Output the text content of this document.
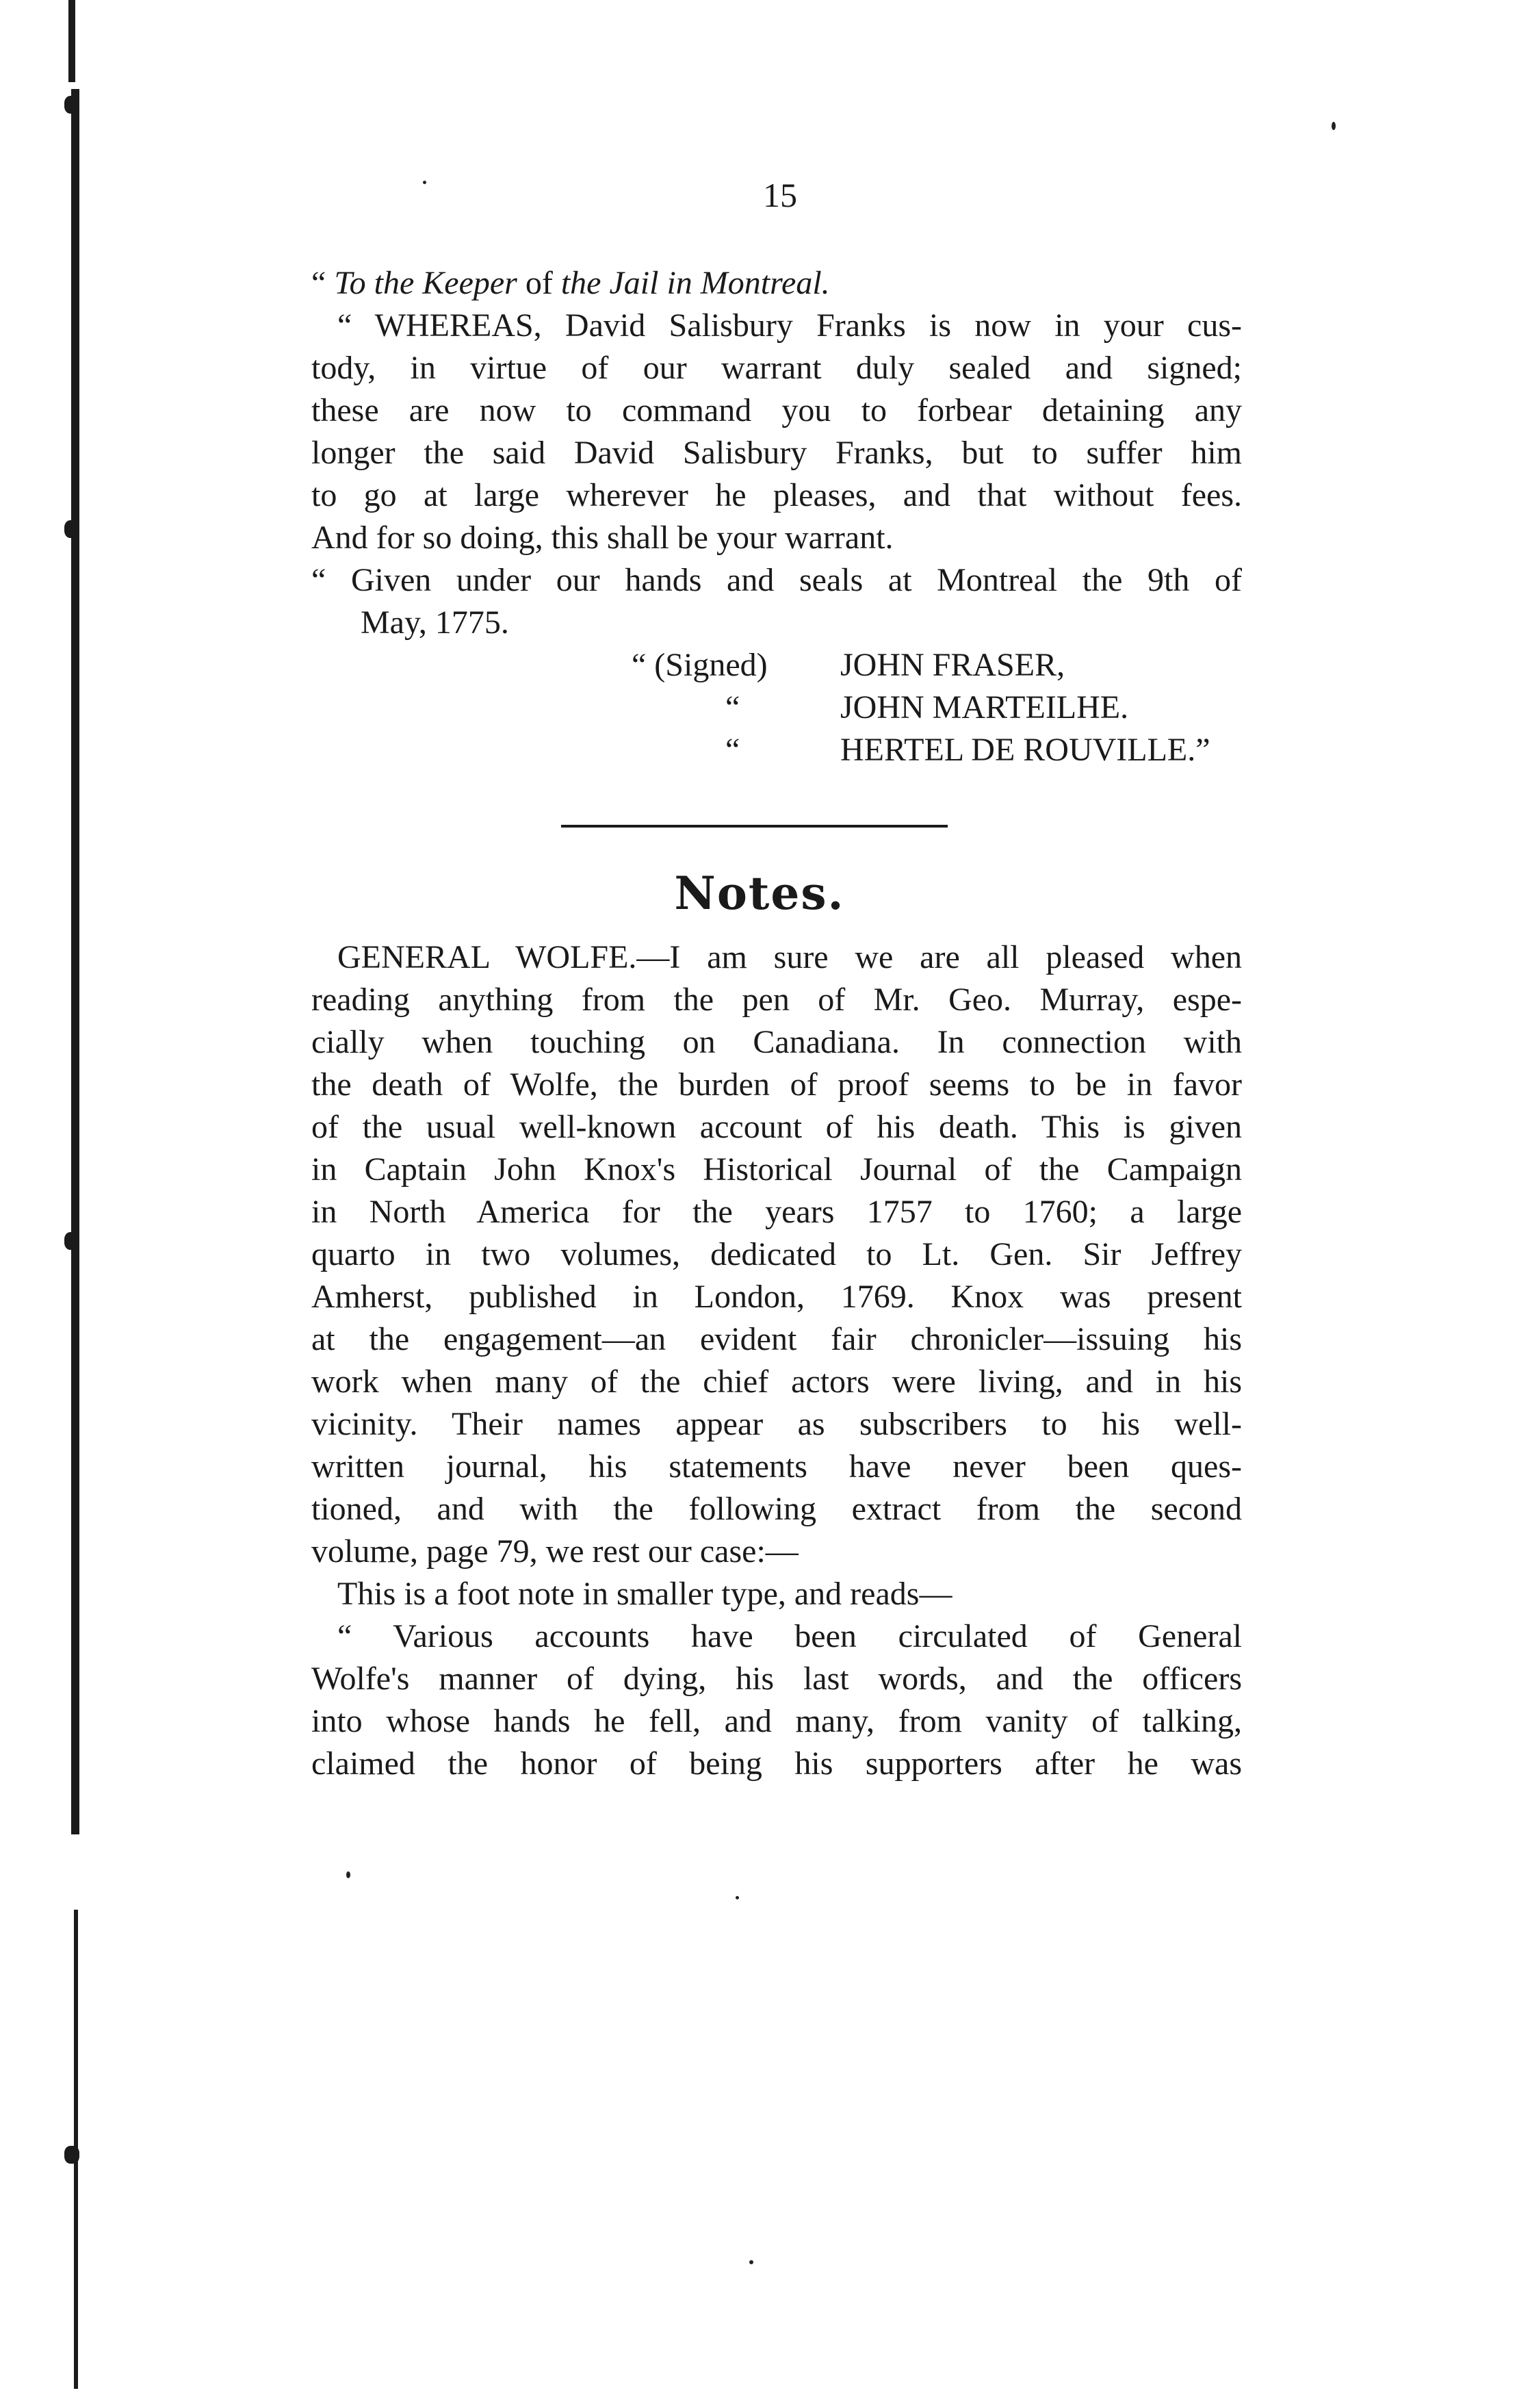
15
“ To the Keeper of the Jail in Montreal.
“ WHEREAS, David Salisbury Franks is now in your cus-
tody, in virtue of our warrant duly sealed and signed;
these are now to command you to forbear detaining any
longer the said David Salisbury Franks, but to suffer him
to go at large wherever he pleases, and that without fees.
And for so doing, this shall be your warrant.
“ Given under our hands and seals at Montreal the 9th of
May, 1775.
“ (Signed) JOHN FRASER,
“	JOHN MARTEILHE.
“	HERTEL DE ROUVILLE.”
Notes.
GENERAL WOLFE.—I am sure we are all pleased when
reading anything from the pen of Mr. Geo. Murray, espe-
cially when touching on Canadiana. In connection with
the death of Wolfe, the burden of proof seems to be in favor
of the usual well-known account of his death. This is given
in Captain John Knox's Historical Journal of the Campaign
in North America for the years 1757 to 1760; a large
quarto in two volumes, dedicated to Lt. Gen. Sir Jeffrey
Amherst, published in London, 1769. Knox was present
at the engagement—an evident fair chronicler—issuing his
work when many of the chief actors were living, and in his
vicinity. Their names appear as subscribers to his well-
written journal, his statements have never been ques-
tioned, and with the following extract from the second
volume, page 79, we rest our case:—
This is a foot note in smaller type, and reads—
“ Various accounts have been circulated of General
Wolfe's manner of dying, his last words, and the officers
into whose hands he fell, and many, from vanity of talking,
claimed the honor of being his supporters after he was
